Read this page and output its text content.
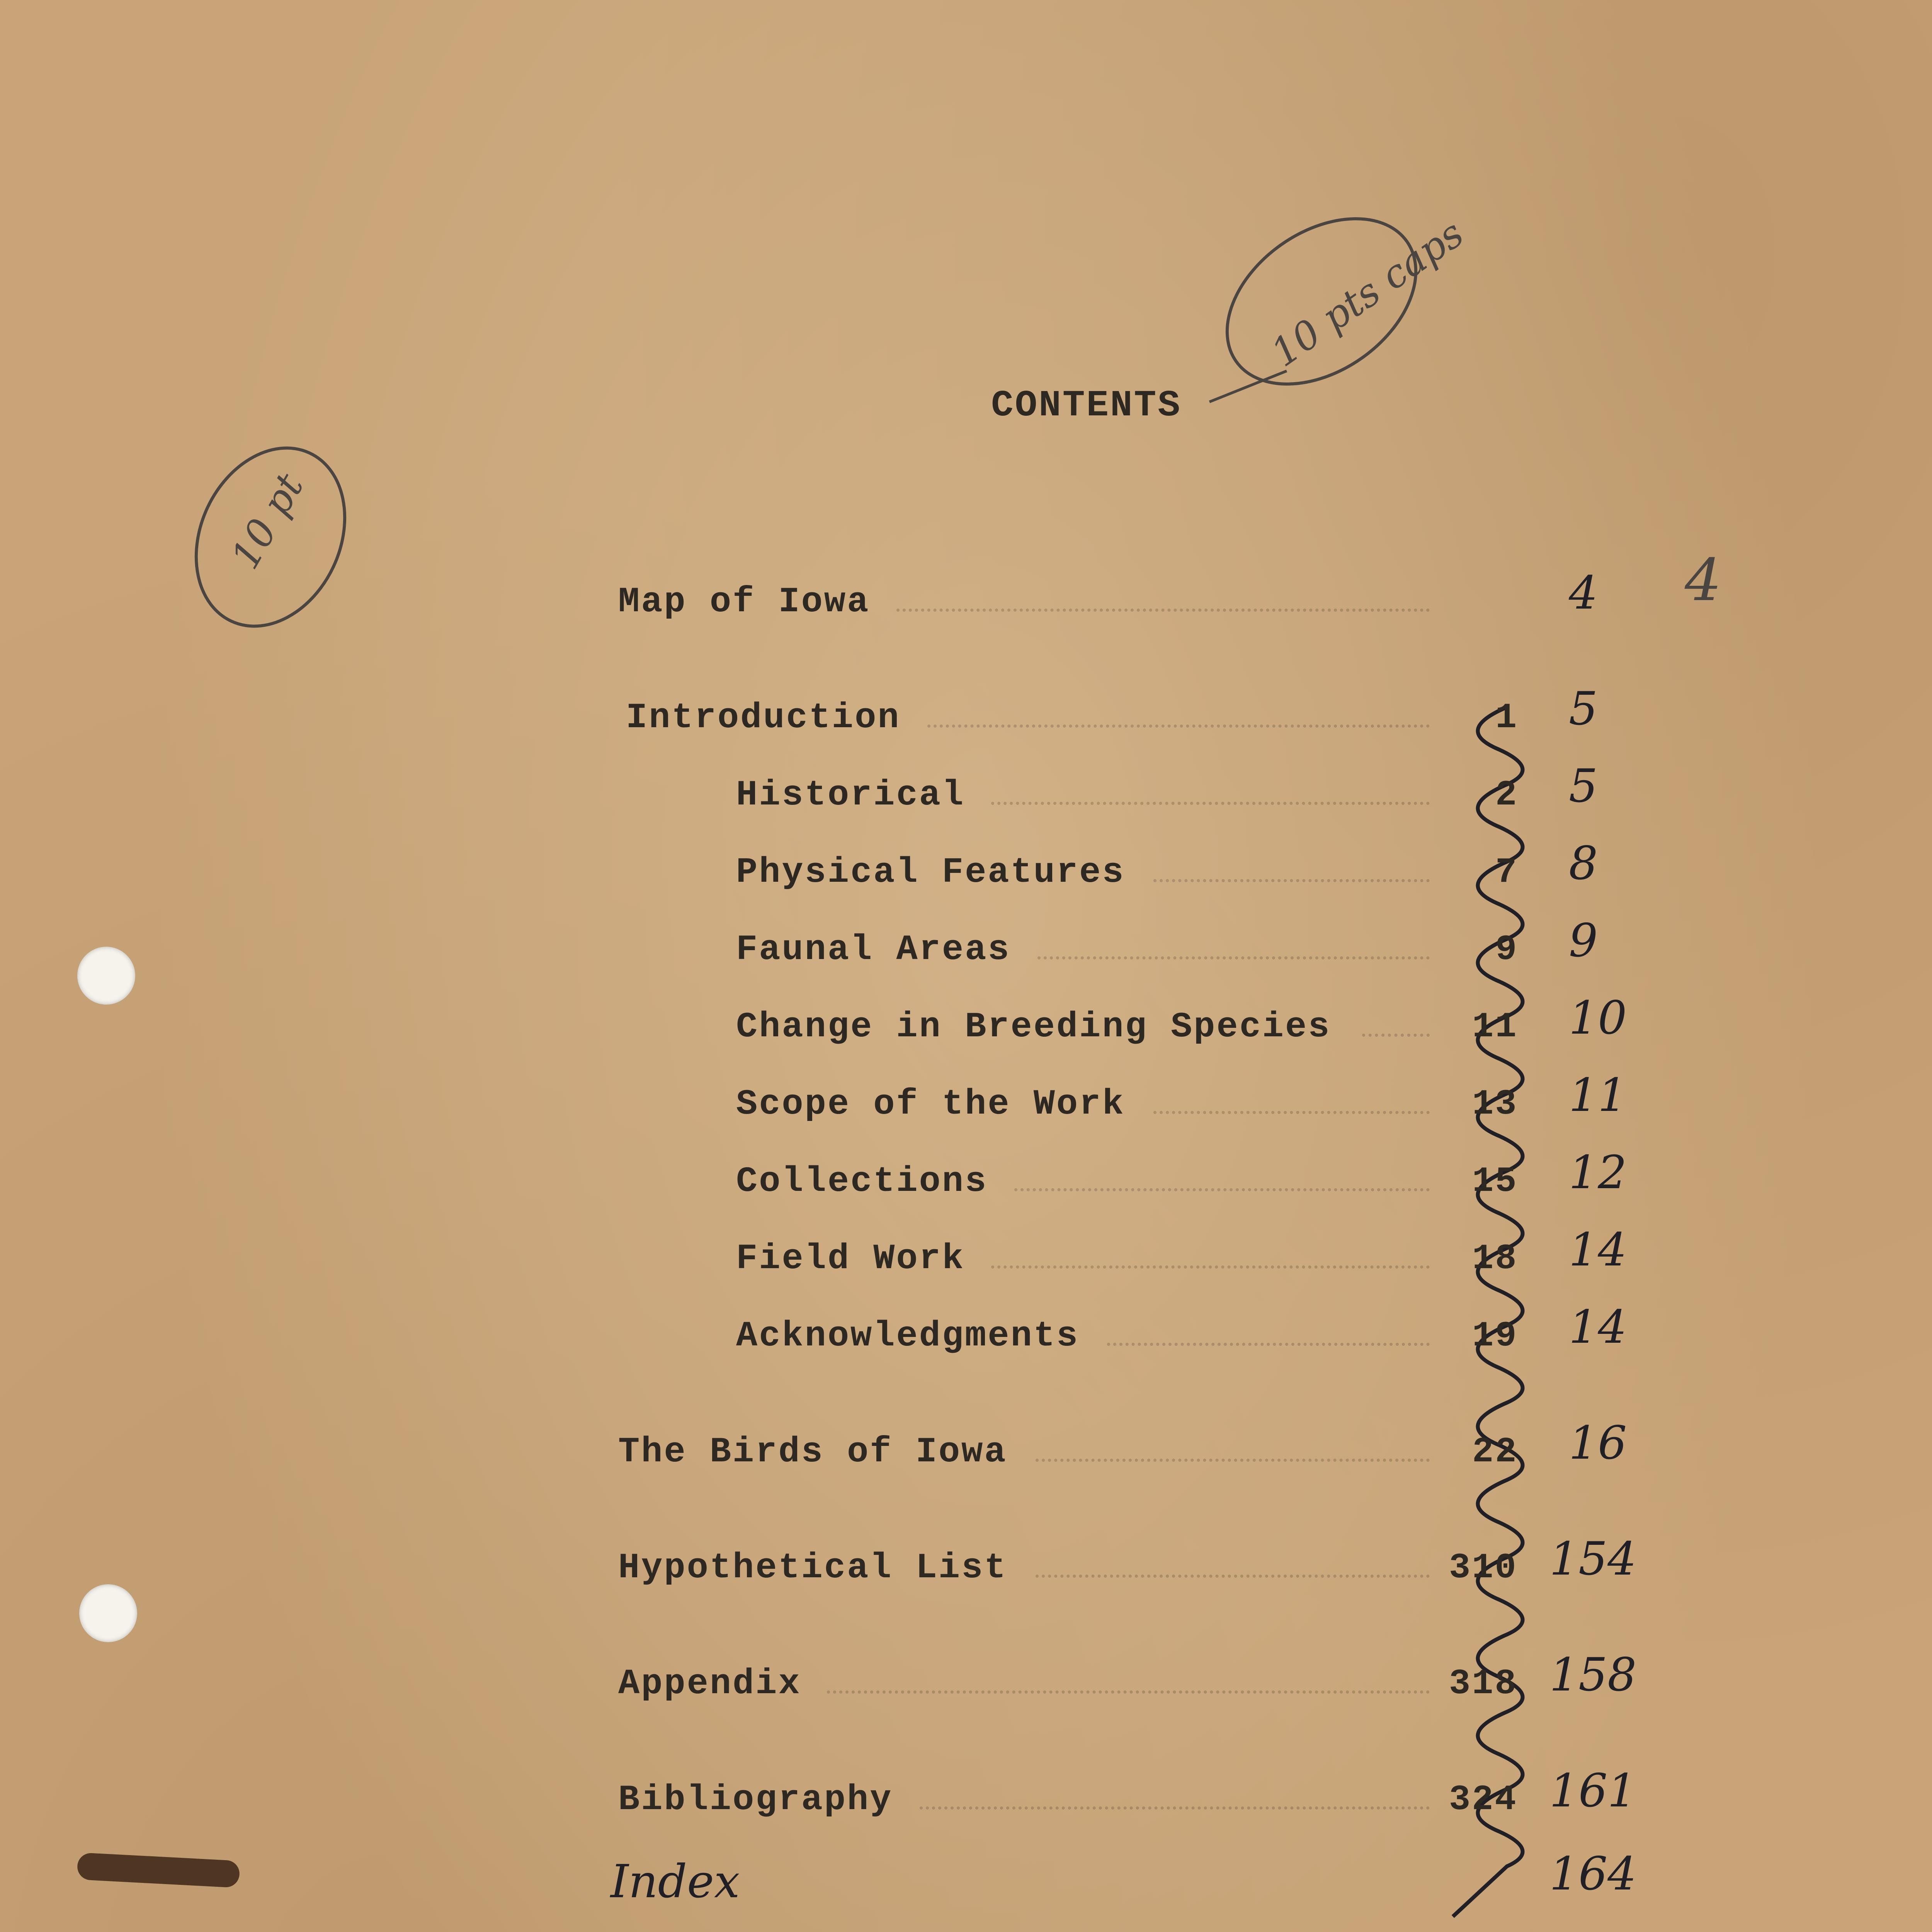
CONTENTS
10 pts caps
10 pt
Map of Iowa	4 4
Introduction	1 5
Historical	2 5
Physical Features	7 8
Faunal Areas	9 9
Change in Breeding Species	11 10
Scope of the Work	13 11
Collections	15 12
Field Work	18 14
Acknowledgments	19 14
The Birds of Iowa	22 16
Hypothetical List	310 154
Appendix	318 158
Bibliography	324 161
Index	164
